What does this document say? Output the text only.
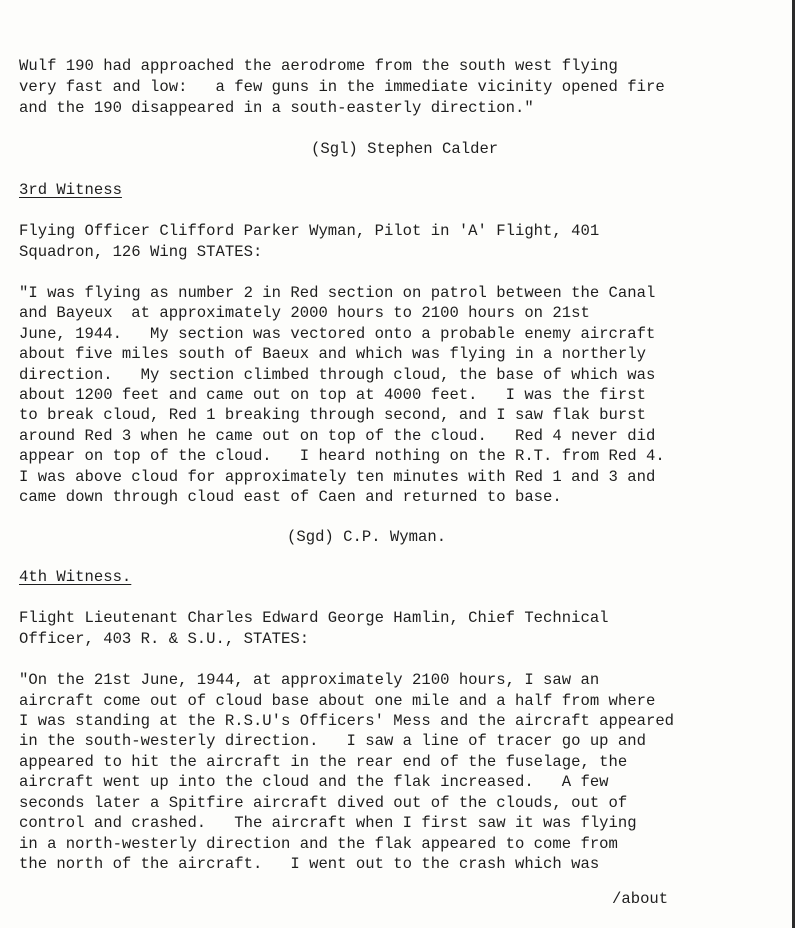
Wulf 190 had approached the aerodrome from the south west flying
very fast and low:   a few guns in the immediate vicinity opened fire
and the 190 disappeared in a south-easterly direction."
(Sgl) Stephen Calder
3rd Witness
Flying Officer Clifford Parker Wyman, Pilot in 'A' Flight, 401
Squadron, 126 Wing STATES:
"I was flying as number 2 in Red section on patrol between the Canal
and Bayeux  at approximately 2000 hours to 2100 hours on 21st
June, 1944.   My section was vectored onto a probable enemy aircraft
about five miles south of Baeux and which was flying in a northerly
direction.   My section climbed through cloud, the base of which was
about 1200 feet and came out on top at 4000 feet.   I was the first
to break cloud, Red 1 breaking through second, and I saw flak burst
around Red 3 when he came out on top of the cloud.   Red 4 never did
appear on top of the cloud.   I heard nothing on the R.T. from Red 4.
I was above cloud for approximately ten minutes with Red 1 and 3 and
came down through cloud east of Caen and returned to base.
(Sgd) C.P. Wyman.
4th Witness.
Flight Lieutenant Charles Edward George Hamlin, Chief Technical
Officer, 403 R. & S.U., STATES:
"On the 21st June, 1944, at approximately 2100 hours, I saw an
aircraft come out of cloud base about one mile and a half from where
I was standing at the R.S.U's Officers' Mess and the aircraft appeared
in the south-westerly direction.   I saw a line of tracer go up and
appeared to hit the aircraft in the rear end of the fuselage, the
aircraft went up into the cloud and the flak increased.   A few
seconds later a Spitfire aircraft dived out of the clouds, out of
control and crashed.   The aircraft when I first saw it was flying
in a north-westerly direction and the flak appeared to come from
the north of the aircraft.   I went out to the crash which was
/about
